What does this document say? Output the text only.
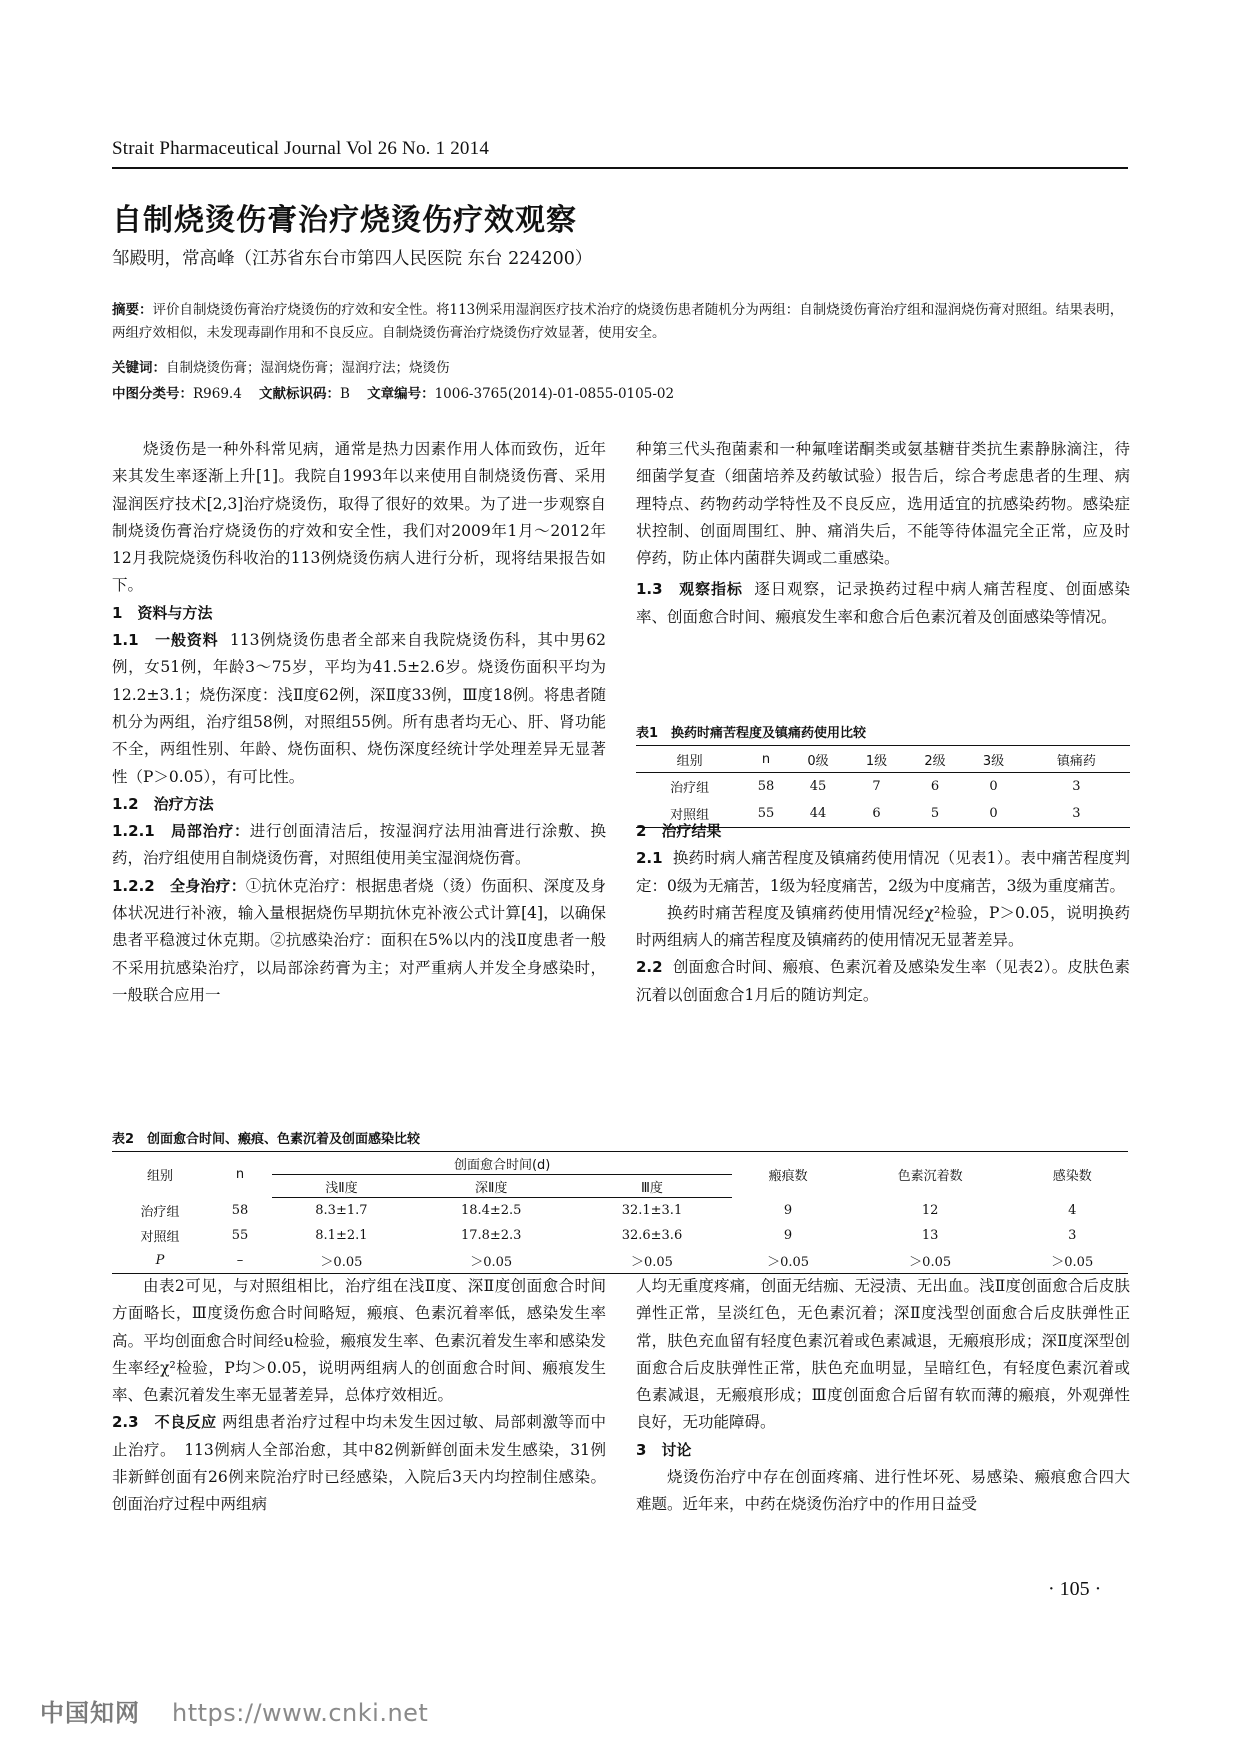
Strait Pharmaceutical Journal Vol 26 No. 1 2014
自制烧烫伤膏治疗烧烫伤疗效观察
邹殿明，常高峰（江苏省东台市第四人民医院 东台 224200）
摘要：评价自制烧烫伤膏治疗烧烫伤的疗效和安全性。将113例采用湿润医疗技术治疗的烧烫伤患者随机分为两组：自制烧烫伤膏治疗组和湿润烧伤膏对照组。结果表明，两组疗效相似，未发现毒副作用和不良反应。自制烧烫伤膏治疗烧烫伤疗效显著，使用安全。
关键词：自制烧烫伤膏；湿润烧伤膏；湿润疗法；烧烫伤
中图分类号：R969.4 文献标识码：B 文章编号：1006-3765(2014)-01-0855-0105-02

烧烫伤是一种外科常见病，通常是热力因素作用人体而致伤，近年来其发生率逐渐上升[1]。我院自1993年以来使用自制烧烫伤膏、采用湿润医疗技术[2,3]治疗烧烫伤，取得了很好的效果。为了进一步观察自制烧烫伤膏治疗烧烫伤的疗效和安全性，我们对2009年1月～2012年12月我院烧烫伤科收治的113例烧烫伤病人进行分析，现将结果报告如下。

1　资料与方法

1.1　一般资料 113例烧烫伤患者全部来自我院烧烫伤科，其中男62例，女51例，年龄3～75岁，平均为41.5±2.6岁。烧烫伤面积平均为12.2±3.1；烧伤深度：浅Ⅱ度62例，深Ⅱ度33例，Ⅲ度18例。将患者随机分为两组，治疗组58例，对照组55例。所有患者均无心、肝、肾功能不全，两组性别、年龄、烧伤面积、烧伤深度经统计学处理差异无显著性（P＞0.05），有可比性。

1.2　治疗方法

1.2.1　局部治疗：进行创面清洁后，按湿润疗法用油膏进行涂敷、换药，治疗组使用自制烧烫伤膏，对照组使用美宝湿润烧伤膏。

1.2.2　全身治疗：①抗休克治疗：根据患者烧（烫）伤面积、深度及身体状况进行补液，输入量根据烧伤早期抗休克补液公式计算[4]，以确保患者平稳渡过休克期。②抗感染治疗：面积在5%以内的浅Ⅱ度患者一般不采用抗感染治疗，以局部涂药膏为主；对严重病人并发全身感染时，一般联合应用一

种第三代头孢菌素和一种氟喹诺酮类或氨基糖苷类抗生素静脉滴注，待细菌学复查（细菌培养及药敏试验）报告后，综合考虑患者的生理、病理特点、药物药动学特性及不良反应，选用适宜的抗感染药物。感染症状控制、创面周围红、肿、痛消失后，不能等待体温完全正常，应及时停药，防止体内菌群失调或二重感染。

1.3　观察指标 逐日观察，记录换药过程中病人痛苦程度、创面感染率、创面愈合时间、瘢痕发生率和愈合后色素沉着及创面感染等情况。

表1　换药时痛苦程度及镇痛药使用比较
组别	n	0级	1级	2级	3级	镇痛药
治疗组	58	45	7	6	0	3
对照组	55	44	6	5	0	3

2　治疗结果

2.1 换药时病人痛苦程度及镇痛药使用情况（见表1）。表中痛苦程度判定：0级为无痛苦，1级为轻度痛苦，2级为中度痛苦，3级为重度痛苦。

换药时痛苦程度及镇痛药使用情况经χ²检验，P＞0.05，说明换药时两组病人的痛苦程度及镇痛药的使用情况无显著差异。

2.2 创面愈合时间、瘢痕、色素沉着及感染发生率（见表2）。皮肤色素沉着以创面愈合1月后的随访判定。

表2　创面愈合时间、瘢痕、色素沉着及创面感染比较
组别	n	创面愈合时间(d)			瘢痕数	色素沉着数	感染数
		浅Ⅱ度	深Ⅱ度	Ⅲ度			
治疗组	58	8.3±1.7	18.4±2.5	32.1±3.1	9	12	4
对照组	55	8.1±2.1	17.8±2.3	32.6±3.6	9	13	3
P	–	＞0.05	＞0.05	＞0.05	＞0.05	＞0.05	＞0.05

由表2可见，与对照组相比，治疗组在浅Ⅱ度、深Ⅱ度创面愈合时间方面略长，Ⅲ度烫伤愈合时间略短，瘢痕、色素沉着率低，感染发生率高。平均创面愈合时间经u检验，瘢痕发生率、色素沉着发生率和感染发生率经χ²检验，P均＞0.05，说明两组病人的创面愈合时间、瘢痕发生率、色素沉着发生率无显著差异，总体疗效相近。

2.3　不良反应 两组患者治疗过程中均未发生因过敏、局部刺激等而中止治疗。　113例病人全部治愈，其中82例新鲜创面未发生感染，31例非新鲜创面有26例来院治疗时已经感染，入院后3天内均控制住感染。创面治疗过程中两组病

人均无重度疼痛，创面无结痂、无浸渍、无出血。浅Ⅱ度创面愈合后皮肤弹性正常，呈淡红色，无色素沉着；深Ⅱ度浅型创面愈合后皮肤弹性正常，肤色充血留有轻度色素沉着或色素减退，无瘢痕形成；深Ⅱ度深型创面愈合后皮肤弹性正常，肤色充血明显，呈暗红色，有轻度色素沉着或色素减退，无瘢痕形成；Ⅲ度创面愈合后留有软而薄的瘢痕，外观弹性良好，无功能障碍。

3　讨论

烧烫伤治疗中存在创面疼痛、进行性坏死、易感染、瘢痕愈合四大难题。近年来，中药在烧烫伤治疗中的作用日益受

· 105 ·
中国知网 https://www.cnki.net
